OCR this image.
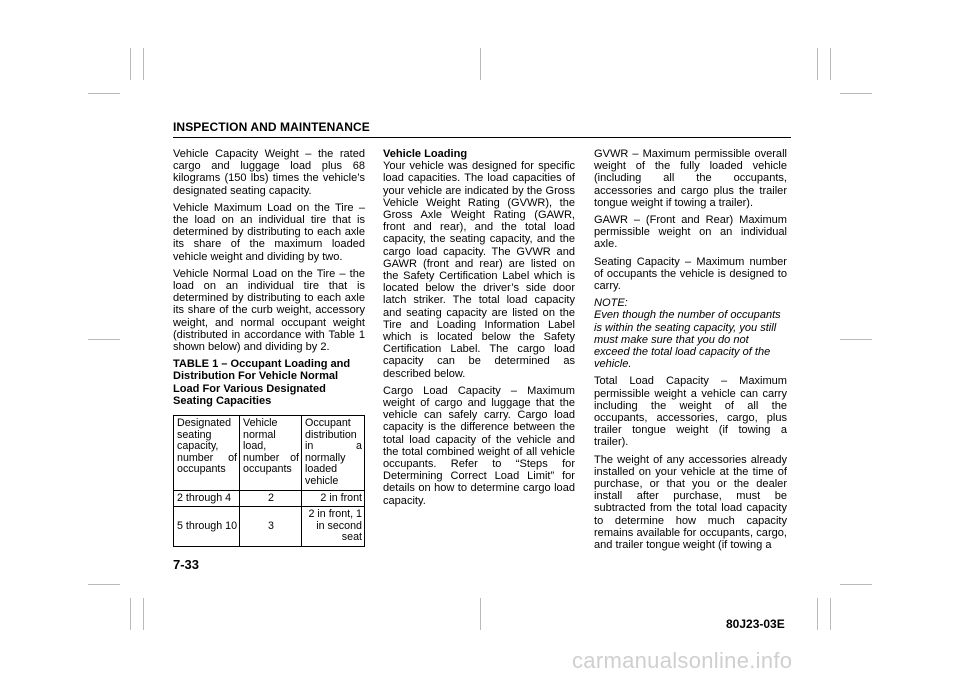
INSPECTION AND MAINTENANCE

Vehicle Capacity Weight – the rated cargo and luggage load plus 68 kilograms (150 lbs) times the vehicle’s designated seating capacity.

Vehicle Maximum Load on the Tire – the load on an individual tire that is determined by distributing to each axle its share of the maximum loaded vehicle weight and dividing by two.

Vehicle Normal Load on the Tire – the load on an individual tire that is determined by distributing to each axle its share of the curb weight, accessory weight, and normal occupant weight (distributed in accordance with Table 1 shown below) and dividing by 2.

TABLE 1 – Occupant Loading and Distribution For Vehicle Normal Load For Various Designated Seating Capacities

Designated seating capacity, number of occupants	Vehicle normal load, number of occupants	Occupant distribution in a normally loaded vehicle
2 through 4	2	2 in front
5 through 10	3	2 in front, 1 in second seat
Vehicle Loading

Your vehicle was designed for specific load capacities. The load capacities of your vehicle are indicated by the Gross Vehicle Weight Rating (GVWR), the Gross Axle Weight Rating (GAWR, front and rear), and the total load capacity, the seating capacity, and the cargo load capacity. The GVWR and GAWR (front and rear) are listed on the Safety Certification Label which is located below the driver’s side door latch striker. The total load capacity and seating capacity are listed on the Tire and Loading Information Label which is located below the Safety Certification Label. The cargo load capacity can be determined as described below.

Cargo Load Capacity – Maximum weight of cargo and luggage that the vehicle can safely carry. Cargo load capacity is the difference between the total load capacity of the vehicle and the total combined weight of all vehicle occupants. Refer to “Steps for Determining Correct Load Limit” for details on how to determine cargo load capacity.

GVWR – Maximum permissible overall weight of the fully loaded vehicle (including all the occupants, accessories and cargo plus the trailer tongue weight if towing a trailer).

GAWR – (Front and Rear) Maximum permissible weight on an individual axle.

Seating Capacity – Maximum number of occupants the vehicle is designed to carry.

NOTE:

Even though the number of occupants is within the seating capacity, you still must make sure that you do not exceed the total load capacity of the vehicle.

Total Load Capacity – Maximum permissible weight a vehicle can carry including the weight of all the occupants, accessories, cargo, plus trailer tongue weight (if towing a trailer).

The weight of any accessories already installed on your vehicle at the time of purchase, or that you or the dealer install after purchase, must be subtracted from the total load capacity to determine how much capacity remains available for occupants, cargo, and trailer tongue weight (if towing a

7-33
80J23-03E
carmanualsonline.info
